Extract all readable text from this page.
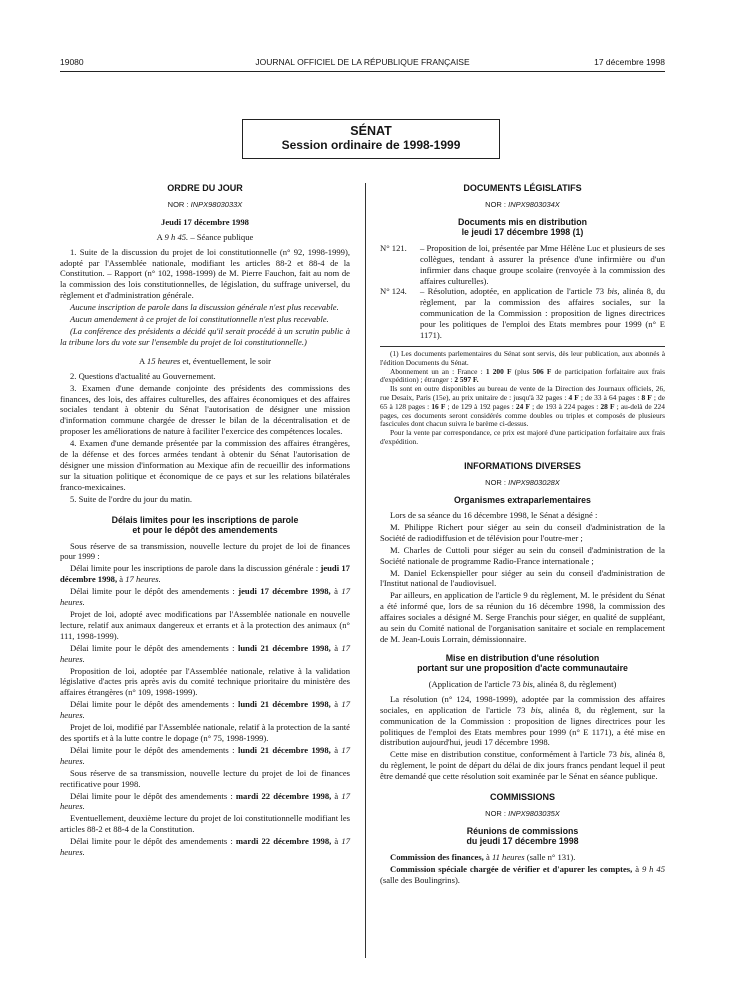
19080	JOURNAL OFFICIEL DE LA RÉPUBLIQUE FRANÇAISE	17 décembre 1998
SÉNAT
Session ordinaire de 1998-1999
ORDRE DU JOUR
NOR : INPX9803033X
Jeudi 17 décembre 1998
A 9 h 45. – Séance publique

1. Suite de la discussion du projet de loi constitutionnelle (n° 92, 1998-1999), adopté par l'Assemblée nationale, modifiant les articles 88-2 et 88-4 de la Constitution. – Rapport (n° 102, 1998-1999) de M. Pierre Fauchon, fait au nom de la commission des lois constitutionnelles, de législation, du suffrage universel, du règlement et d'administration générale.

Aucune inscription de parole dans la discussion générale n'est plus recevable.

Aucun amendement à ce projet de loi constitutionnelle n'est plus recevable.

(La conférence des présidents a décidé qu'il serait procédé à un scrutin public à la tribune lors du vote sur l'ensemble du projet de loi constitutionnelle.)

A 15 heures et, éventuellement, le soir

2. Questions d'actualité au Gouvernement.

3. Examen d'une demande conjointe des présidents des commissions des finances, des lois, des affaires culturelles, des affaires économiques et des affaires sociales tendant à obtenir du Sénat l'autorisation de désigner une mission d'information commune chargée de dresser le bilan de la décentralisation et de proposer les améliorations de nature à faciliter l'exercice des compétences locales.

4. Examen d'une demande présentée par la commission des affaires étrangères, de la défense et des forces armées tendant à obtenir du Sénat l'autorisation de désigner une mission d'information au Mexique afin de recueillir des informations sur la situation politique et économique de ce pays et sur les relations bilatérales franco-mexicaines.

5. Suite de l'ordre du jour du matin.

Délais limites pour les inscriptions de parole
et pour le dépôt des amendements

Sous réserve de sa transmission, nouvelle lecture du projet de loi de finances pour 1999 :

Délai limite pour les inscriptions de parole dans la discussion générale : jeudi 17 décembre 1998, à 17 heures.

Délai limite pour le dépôt des amendements : jeudi 17 décembre 1998, à 17 heures.

Projet de loi, adopté avec modifications par l'Assemblée nationale en nouvelle lecture, relatif aux animaux dangereux et errants et à la protection des animaux (n° 111, 1998-1999).

Délai limite pour le dépôt des amendements : lundi 21 décembre 1998, à 17 heures.

Proposition de loi, adoptée par l'Assemblée nationale, relative à la validation législative d'actes pris après avis du comité technique prioritaire du ministère des affaires étrangères (n° 109, 1998-1999).

Délai limite pour le dépôt des amendements : lundi 21 décembre 1998, à 17 heures.

Projet de loi, modifié par l'Assemblée nationale, relatif à la protection de la santé des sportifs et à la lutte contre le dopage (n° 75, 1998-1999).

Délai limite pour le dépôt des amendements : lundi 21 décembre 1998, à 17 heures.

Sous réserve de sa transmission, nouvelle lecture du projet de loi de finances rectificative pour 1998.

Délai limite pour le dépôt des amendements : mardi 22 décembre 1998, à 17 heures.

Eventuellement, deuxième lecture du projet de loi constitutionnelle modifiant les articles 88-2 et 88-4 de la Constitution.

Délai limite pour le dépôt des amendements : mardi 22 décembre 1998, à 17 heures.

DOCUMENTS LÉGISLATIFS
NOR : INPX9803034X
Documents mis en distribution
le jeudi 17 décembre 1998 (1)
N° 121.	– Proposition de loi, présentée par Mme Hélène Luc et plusieurs de ses collègues, tendant à assurer la présence d'une infirmière ou d'un infirmier dans chaque groupe scolaire (renvoyée à la commission des affaires culturelles).
N° 124.	– Résolution, adoptée, en application de l'article 73 bis, alinéa 8, du règlement, par la commission des affaires sociales, sur la communication de la Commission : proposition de lignes directrices pour les politiques de l'emploi des Etats membres pour 1999 (n° E 1171).

(1) Les documents parlementaires du Sénat sont servis, dès leur publication, aux abonnés à l'édition Documents du Sénat.

Abonnement un an : France : 1 200 F (plus 506 F de participation forfaitaire aux frais d'expédition) ; étranger : 2 597 F.

Ils sont en outre disponibles au bureau de vente de la Direction des Journaux officiels, 26, rue Desaix, Paris (15e), au prix unitaire de : jusqu'à 32 pages : 4 F ; de 33 à 64 pages : 8 F ; de 65 à 128 pages : 16 F ; de 129 à 192 pages : 24 F ; de 193 à 224 pages : 28 F ; au-delà de 224 pages, ces documents seront considérés comme doubles ou triples et composés de plusieurs fascicules dont chacun suivra le barème ci-dessus.

Pour la vente par correspondance, ce prix est majoré d'une participation forfaitaire aux frais d'expédition.

INFORMATIONS DIVERSES
NOR : INPX9803028X
Organismes extraparlementaires

Lors de sa séance du 16 décembre 1998, le Sénat a désigné :

M. Philippe Richert pour siéger au sein du conseil d'administration de la Société de radiodiffusion et de télévision pour l'outre-mer ;

M. Charles de Cuttoli pour siéger au sein du conseil d'administration de la Société nationale de programme Radio-France internationale ;

M. Daniel Eckenspieller pour siéger au sein du conseil d'administration de l'Institut national de l'audiovisuel.

Par ailleurs, en application de l'article 9 du règlement, M. le président du Sénat a été informé que, lors de sa réunion du 16 décembre 1998, la commission des affaires sociales a désigné M. Serge Franchis pour siéger, en qualité de suppléant, au sein du Comité national de l'organisation sanitaire et sociale en remplacement de M. Jean-Louis Lorrain, démissionnaire.

Mise en distribution d'une résolution
portant sur une proposition d'acte communautaire
(Application de l'article 73 bis, alinéa 8, du règlement)

La résolution (n° 124, 1998-1999), adoptée par la commission des affaires sociales, en application de l'article 73 bis, alinéa 8, du règlement, sur la communication de la Commission : proposition de lignes directrices pour les politiques de l'emploi des Etats membres pour 1999 (n° E 1171), a été mise en distribution aujourd'hui, jeudi 17 décembre 1998.

Cette mise en distribution constitue, conformément à l'article 73 bis, alinéa 8, du règlement, le point de départ du délai de dix jours francs pendant lequel il peut être demandé que cette résolution soit examinée par le Sénat en séance publique.

COMMISSIONS
NOR : INPX9803035X
Réunions de commissions
du jeudi 17 décembre 1998

Commission des finances, à 11 heures (salle n° 131).

Commission spéciale chargée de vérifier et d'apurer les comptes, à 9 h 45 (salle des Boulingrins).
